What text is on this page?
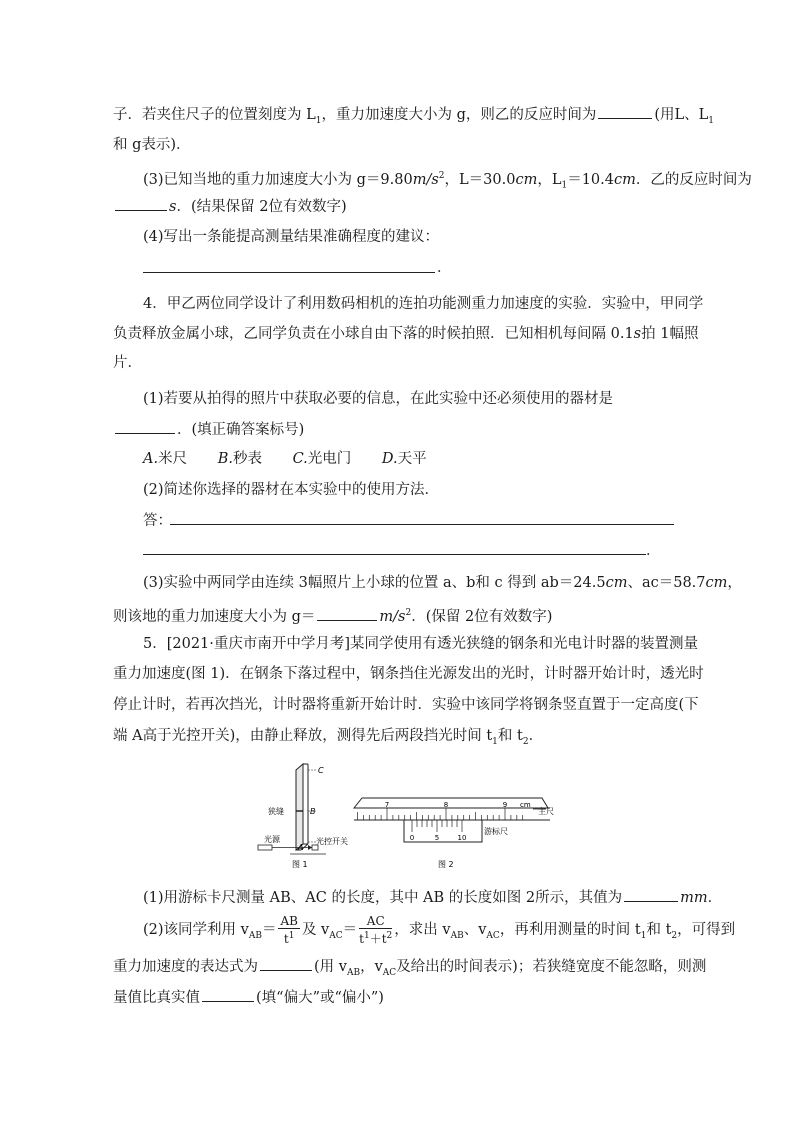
子．若夹住尺子的位置刻度为 $L_1$，重力加速度大小为 g，则乙的反应时间为	(用L、$L_1$
和 g表示)．
(3)已知当地的重力加速度大小为 $g=9.80m/s^2$，L＝30.0cm，$L_1=10.4cm$．乙的反应时间为
s．(结果保留 2位有效数字)
(4)写出一条能提高测量结果准确程度的建议：
．
4．甲乙两位同学设计了利用数码相机的连拍功能测重力加速度的实验．实验中，甲同学
负责释放金属小球，乙同学负责在小球自由下落的时候拍照．已知相机每间隔 0.1s拍 1幅照
片．
(1)若要从拍得的照片中获取必要的信息，在此实验中还必须使用的器材是
．(填正确答案标号)
A.米尺 B.秒表 C.光电门 D.天平
(2)简述你选择的器材在本实验中的使用方法．
答：
．
(3)实验中两同学由连续 3幅照片上小球的位置 a、b和 c 得到 ab＝24.5cm、ac＝58.7cm，
则该地的重力加速度大小为 g＝	$m/s^2$．(保留 2位有效数字)
5．[2021·重庆市南开中学月考]某同学使用有透光狭缝的钢条和光电计时器的装置测量
重力加速度(图 1)．在钢条下落过程中，钢条挡住光源发出的光时，计时器开始计时，透光时
停止计时，若再次挡光，计时器将重新开始计时．实验中该同学将钢条竖直置于一定高度(下
端 A高于光控开关)，由静止释放，测得先后两段挡光时间 $t_1$和 $t_2$．
C
B
A
狭缝
光源	光控开关
图 1
7	8	9 cm
主尺
0	5	10
游标尺
图 2
(1)用游标卡尺测量 AB、AC 的长度，其中 AB 的长度如图 2所示，其值为	mm．
(2)该同学利用 $v_{AB}= \frac{AB}{t^1}$ 及 $v_{AC}= \frac{AC}{t^1+t^2}$ ，求出 $v_{AB}$、$v_{AC}$，再利用测量的时间 $t_1$和 $t_2$，可得到
重力加速度的表达式为	(用 $v_{AB}$，$v_{AC}$及给出的时间表示)；若狭缝宽度不能忽略，则测
量值比真实值	(填“偏大”或“偏小”)
